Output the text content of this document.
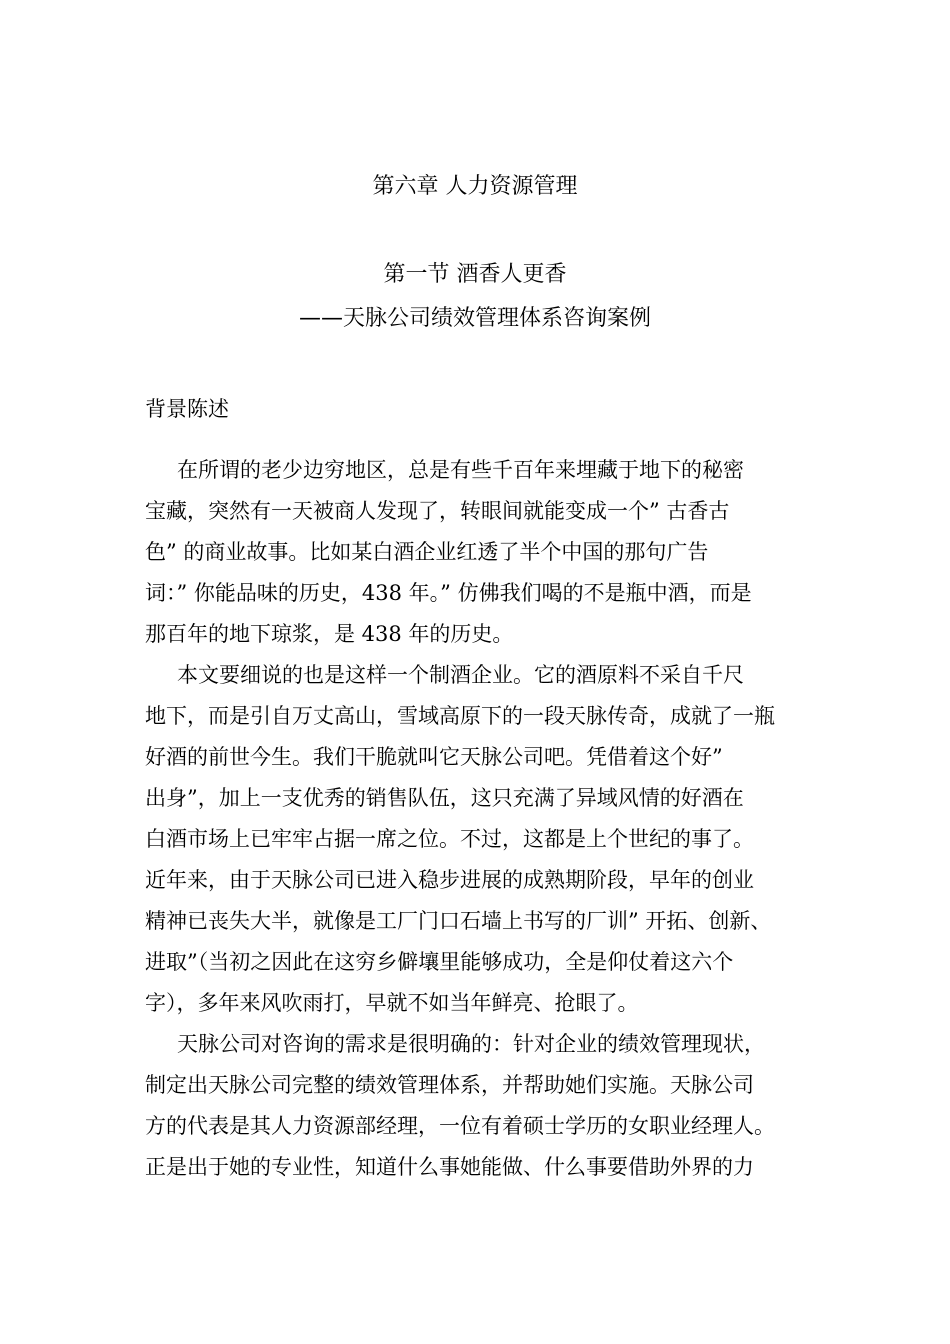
第六章 人力资源管理
第一节 酒香人更香
——天脉公司绩效管理体系咨询案例
背景陈述
在所谓的老少边穷地区，总是有些千百年来埋藏于地下的秘密
宝藏，突然有一天被商人发现了，转眼间就能变成一个” 古香古
色” 的商业故事。比如某白酒企业红透了半个中国的那句广告
词：” 你能品味的历史，438 年。” 仿佛我们喝的不是瓶中酒，而是
那百年的地下琼浆，是 438 年的历史。
本文要细说的也是这样一个制酒企业。它的酒原料不采自千尺
地下，而是引自万丈高山，雪域高原下的一段天脉传奇，成就了一瓶
好酒的前世今生。我们干脆就叫它天脉公司吧。凭借着这个好”
出身”，加上一支优秀的销售队伍，这只充满了异域风情的好酒在
白酒市场上已牢牢占据一席之位。不过，这都是上个世纪的事了。
近年来，由于天脉公司已进入稳步进展的成熟期阶段，早年的创业
精神已丧失大半，就像是工厂门口石墙上书写的厂训” 开拓、创新、
进取”（当初之因此在这穷乡僻壤里能够成功，全是仰仗着这六个
字），多年来风吹雨打，早就不如当年鲜亮、抢眼了。
天脉公司对咨询的需求是很明确的：针对企业的绩效管理现状，
制定出天脉公司完整的绩效管理体系，并帮助她们实施。天脉公司
方的代表是其人力资源部经理，一位有着硕士学历的女职业经理人。
正是出于她的专业性，知道什么事她能做、什么事要借助外界的力
